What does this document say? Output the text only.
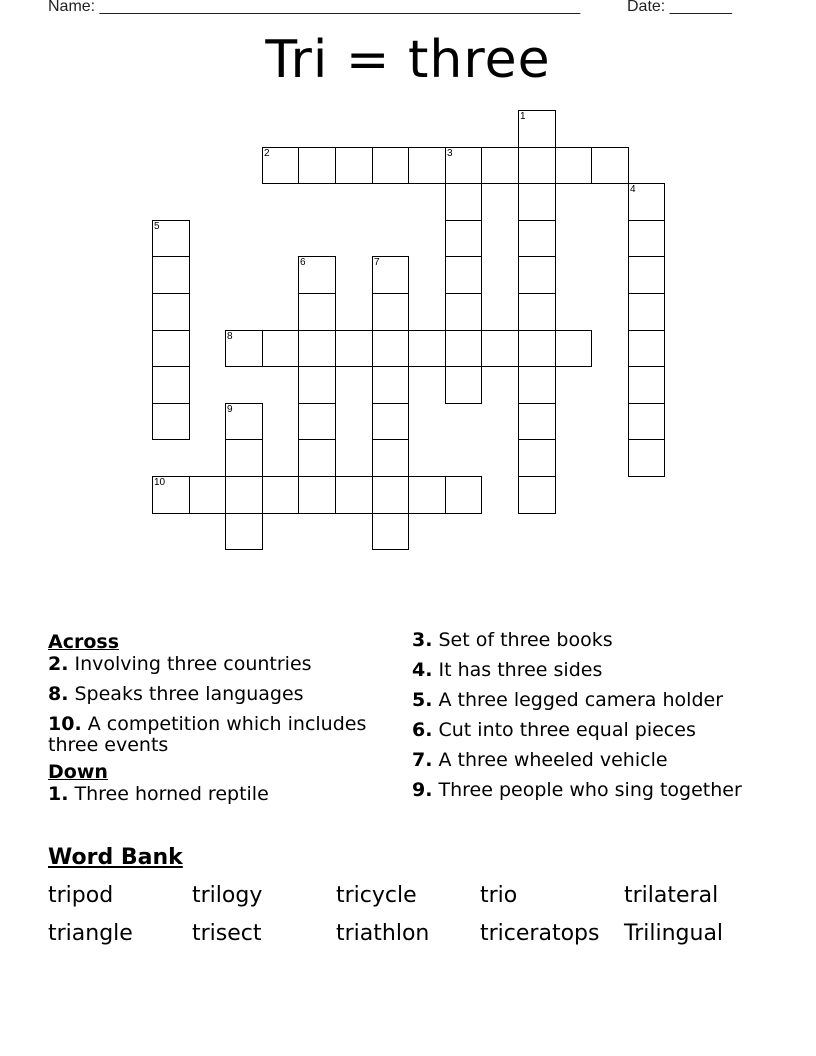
Name: ______________________________________________________	Date: _______
Tri = three
1
2	3
4
5
6	7
8
9
10
Across
2. Involving three countries
8. Speaks three languages
10. A competition which includes three events
Down
1. Three horned reptile
3. Set of three books
4. It has three sides
5. A three legged camera holder
6. Cut into three equal pieces
7. A three wheeled vehicle
9. Three people who sing together
Word Bank
tripod	trilogy	tricycle	trio	trilateral
triangle	trisect	triathlon	triceratops	Trilingual
